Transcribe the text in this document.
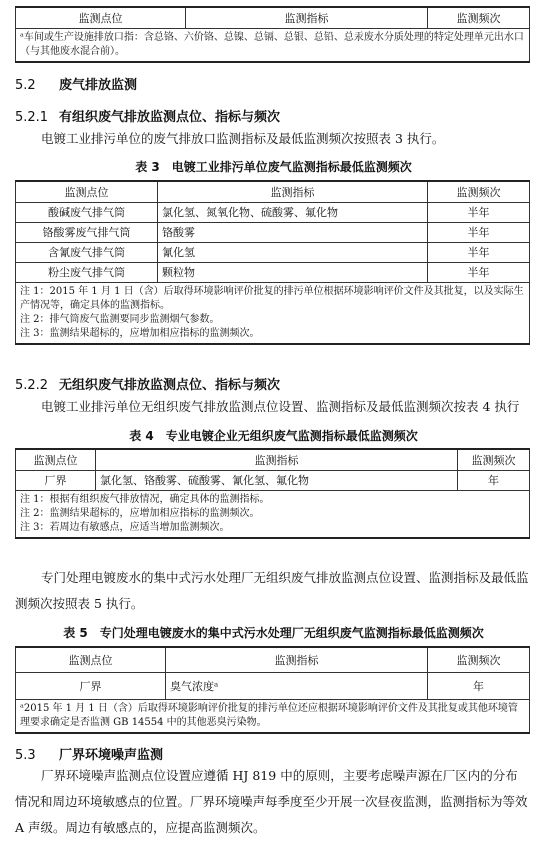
监测点位	监测指标	监测频次
ᵃ车间或生产设施排放口指：含总铬、六价铬、总镍、总镉、总银、总铅、总汞废水分质处理的特定处理单元出水口（与其他废水混合前）。
5.2 废气排放监测
5.2.1 有组织废气排放监测点位、指标与频次
电镀工业排污单位的废气排放口监测指标及最低监测频次按照表 3 执行。
表 3　电镀工业排污单位废气监测指标最低监测频次
监测点位	监测指标	监测频次
酸碱废气排气筒	氯化氢、氮氧化物、硫酸雾、氟化物	半年
铬酸雾废气排气筒	铬酸雾	半年
含氰废气排气筒	氰化氢	半年
粉尘废气排气筒	颗粒物	半年

注 1：2015 年 1 月 1 日（含）后取得环境影响评价批复的排污单位根据环境影响评价文件及其批复，以及实际生产情况等，确定具体的监测指标。
注 2：排气筒废气监测要同步监测烟气参数。
注 3：监测结果超标的，应增加相应指标的监测频次。		
5.2.2 无组织废气排放监测点位、指标与频次
电镀工业排污单位无组织废气排放监测点位设置、监测指标及最低监测频次按表 4 执行
表 4　专业电镀企业无组织废气监测指标最低监测频次
监测点位	监测指标	监测频次
厂界	氯化氢、铬酸雾、硫酸雾、氰化氢、氟化物	年

注 1：根据有组织废气排放情况，确定具体的监测指标。
注 2：监测结果超标的，应增加相应指标的监测频次。
注 3：若周边有敏感点，应适当增加监测频次。		
专门处理电镀废水的集中式污水处理厂无组织废气排放监测点位设置、监测指标及最低监测频次按照表 5 执行。
表 5　专门处理电镀废水的集中式污水处理厂无组织废气监测指标最低监测频次
监测点位	监测指标	监测频次
厂界	臭气浓度ᵃ	年
ᵃ2015 年 1 月 1 日（含）后取得环境影响评价批复的排污单位还应根据环境影响评价文件及其批复或其他环境管理要求确定是否监测 GB 14554 中的其他恶臭污染物。		
5.3 厂界环境噪声监测
厂界环境噪声监测点位设置应遵循 HJ 819 中的原则，主要考虑噪声源在厂区内的分布情况和周边环境敏感点的位置。厂界环境噪声每季度至少开展一次昼夜监测，监测指标为等效 A 声级。周边有敏感点的，应提高监测频次。
